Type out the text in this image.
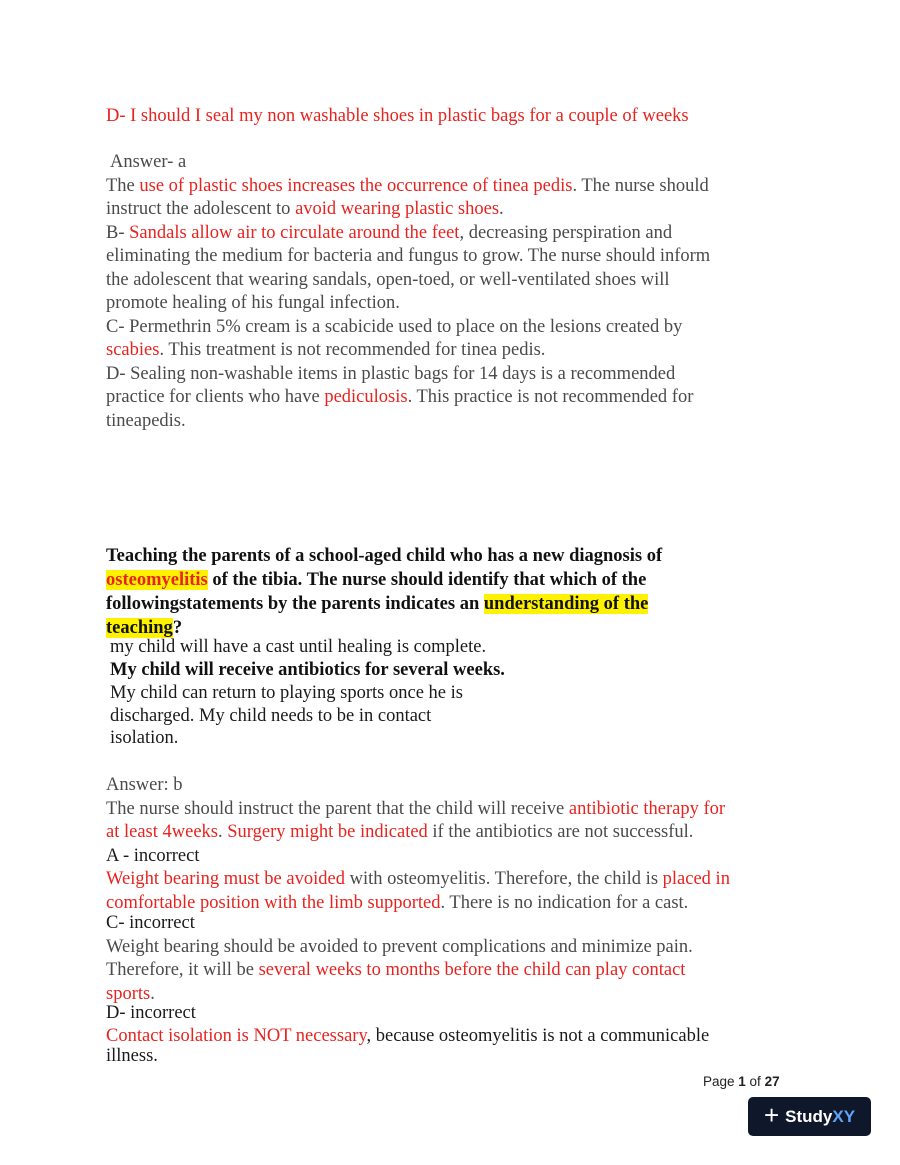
D- I should I seal my non washable shoes in plastic bags for a couple of weeks
Answer- a
The use of plastic shoes increases the occurrence of tinea pedis. The nurse should
instruct the adolescent to avoid wearing plastic shoes.
B- Sandals allow air to circulate around the feet, decreasing perspiration and
eliminating the medium for bacteria and fungus to grow. The nurse should inform
the adolescent that wearing sandals, open-toed, or well-ventilated shoes will
promote healing of his fungal infection.
C- Permethrin 5% cream is a scabicide used to place on the lesions created by
scabies. This treatment is not recommended for tinea pedis.
D- Sealing non-washable items in plastic bags for 14 days is a recommended
practice for clients who have pediculosis. This practice is not recommended for
tineapedis.
Teaching the parents of a school-aged child who has a new diagnosis of
osteomyelitis of the tibia. The nurse should identify that which of the
followingstatements by the parents indicates an understanding of the
teaching?
my child will have a cast until healing is complete.
My child will receive antibiotics for several weeks.
My child can return to playing sports once he is
discharged. My child needs to be in contact
isolation.
Answer: b
The nurse should instruct the parent that the child will receive antibiotic therapy for
at least 4weeks. Surgery might be indicated if the antibiotics are not successful.
A - incorrect
Weight bearing must be avoided with osteomyelitis. Therefore, the child is placed in
comfortable position with the limb supported. There is no indication for a cast.
C- incorrect
Weight bearing should be avoided to prevent complications and minimize pain.
Therefore, it will be several weeks to months before the child can play contact
sports.
D- incorrect
Contact isolation is NOT necessary, because osteomyelitis is not a communicable
illness.
Page 1 of 27
+ StudyXY
